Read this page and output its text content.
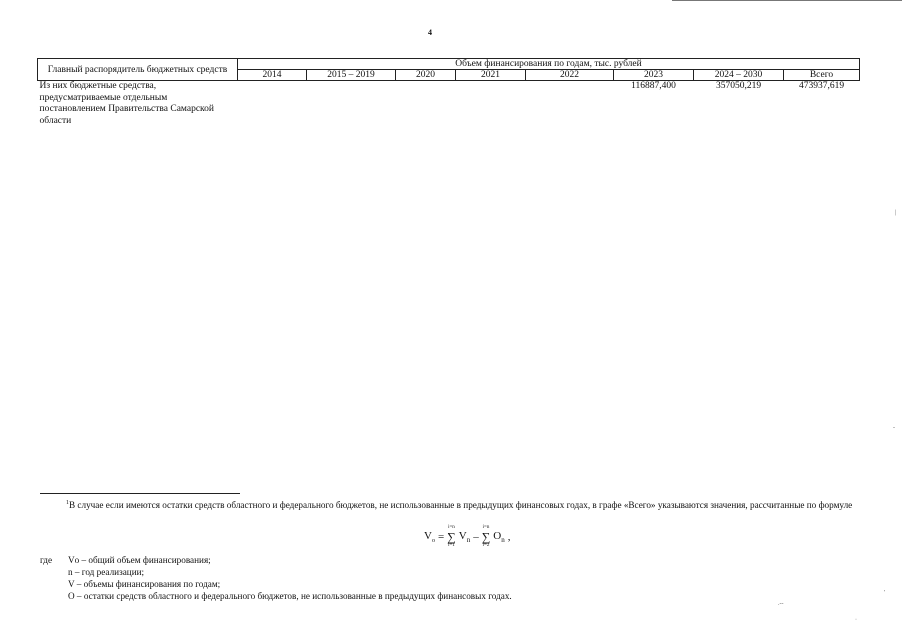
4
Главный распорядитель бюджетных средств	Объем финансирования по годам, тыс. рублей							
	2014	2015 – 2019	2020	2021	2022	2023	2024 – 2030	Всего
Из них бюджетные средства, предусматриваемые отдельным постановлением Правительства Самарской области						116887,400	357050,219	473937,619
$^1$В случае если имеются остатки средств областного и федерального бюджетов, не использованные в предыдущих финансовых годах, в графе «Всего» указываются значения, рассчитанные по формуле
$V_о$ =
i=n
∑
i=1
$V_n$ –
i=n
∑
i=2
$O_n$ ,
где	Vо – общий объем финансирования;
n – год реализации;
V – объемы финансирования по годам;
O – остатки средств областного и федерального бюджетов, не использованные в предыдущих финансовых годах.
|
-
'
.--
·
